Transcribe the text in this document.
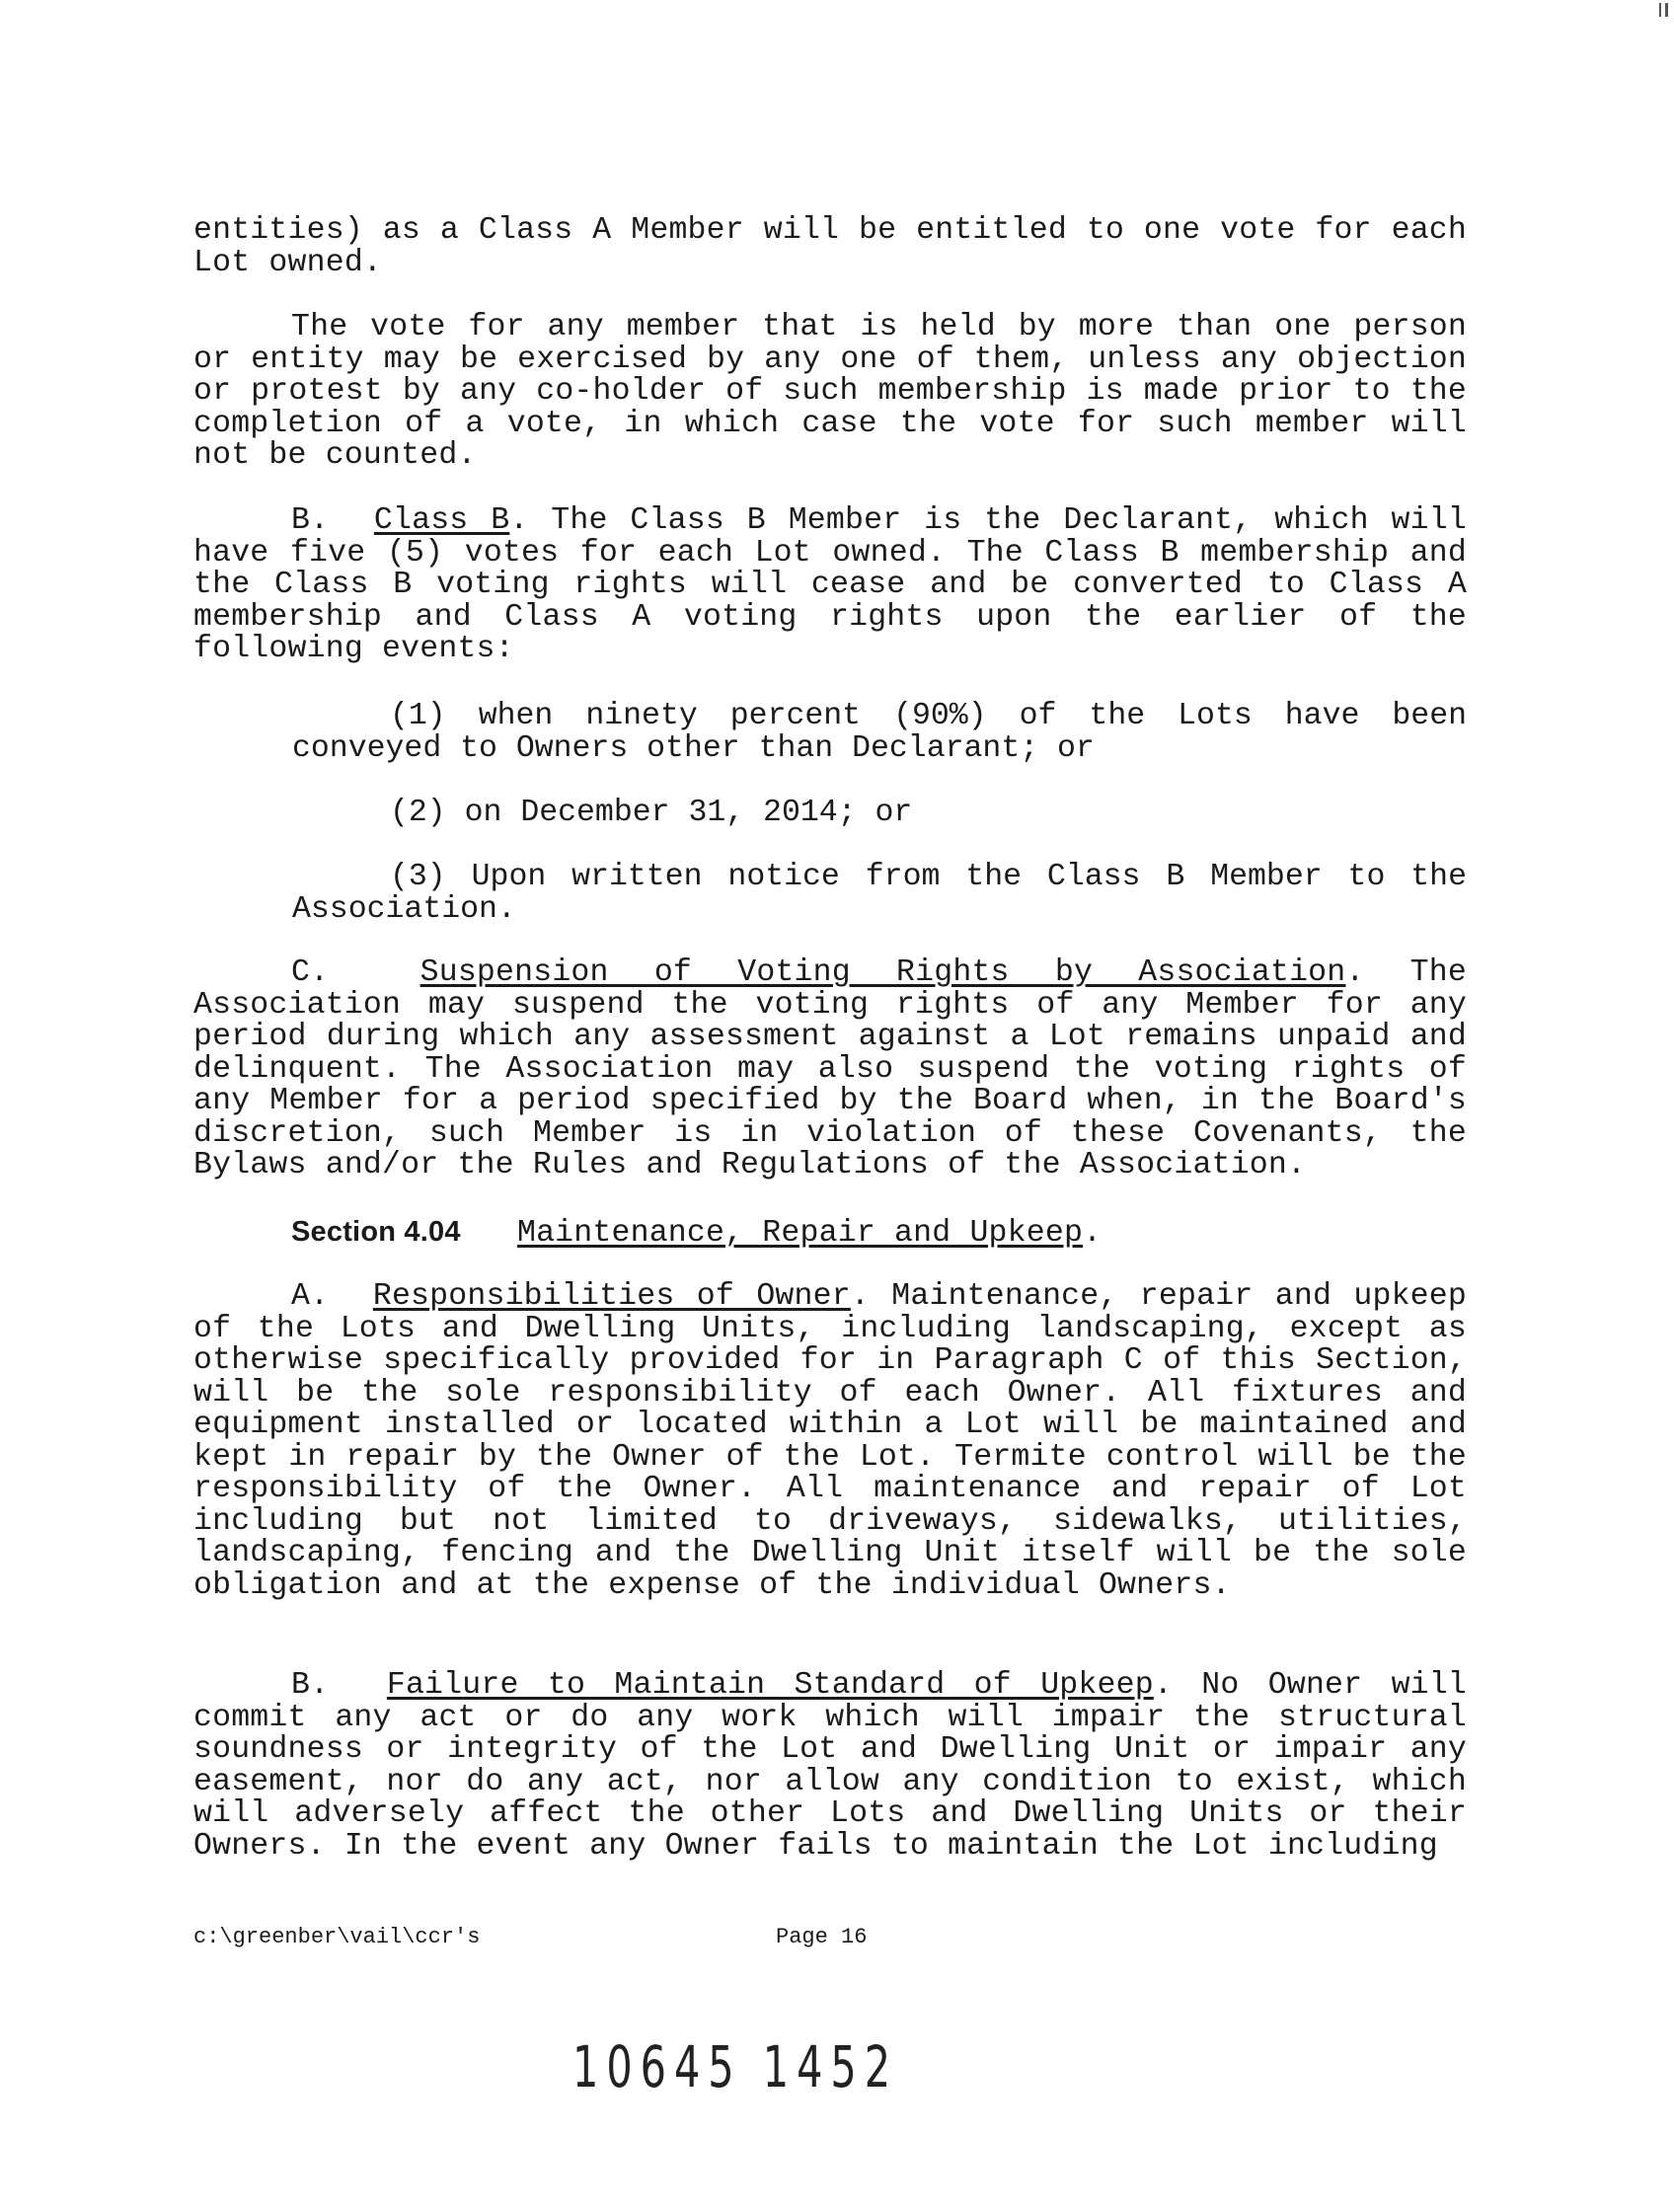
entities) as a Class A Member will be entitled to one vote for each Lot owned.

The vote for any member that is held by more than one person or entity may be exercised by any one of them, unless any objection or protest by any co-holder of such membership is made prior to the completion of a vote, in which case the vote for such member will not be counted.

B. Class B. The Class B Member is the Declarant, which will have five (5) votes for each Lot owned. The Class B membership and the Class B voting rights will cease and be converted to Class A membership and Class A voting rights upon the earlier of the following events:

(1) when ninety percent (90%) of the Lots have been conveyed to Owners other than Declarant; or

(2) on December 31, 2014; or

(3) Upon written notice from the Class B Member to the Association.

C.	Suspension of Voting Rights by Association. The Association may suspend the voting rights of any Member for any period during which any assessment against a Lot remains unpaid and delinquent. The Association may also suspend the voting rights of any Member for a period specified by the Board when, in the Board's discretion, such Member is in violation of these Covenants, the Bylaws and/or the Rules and Regulations of the Association.

Section 4.04 Maintenance, Repair and Upkeep.

A. Responsibilities of Owner. Maintenance, repair and upkeep of the Lots and Dwelling Units, including landscaping, except as otherwise specifically provided for in Paragraph C of this Section, will be the sole responsibility of each Owner. All fixtures and equipment installed or located within a Lot will be maintained and kept in repair by the Owner of the Lot. Termite control will be the responsibility of the Owner. All maintenance and repair of Lot including but not limited to driveways, sidewalks, utilities, landscaping, fencing and the Dwelling Unit itself will be the sole obligation and at the expense of the individual Owners.

B. Failure to Maintain Standard of Upkeep. No Owner will commit any act or do any work which will impair the structural soundness or integrity of the Lot and Dwelling Unit or impair any easement, nor do any act, nor allow any condition to exist, which will adversely affect the other Lots and Dwelling Units or their Owners. In the event any Owner fails to maintain the Lot including

c:\greenber\vail\ccr's	Page 16
10645 1452
